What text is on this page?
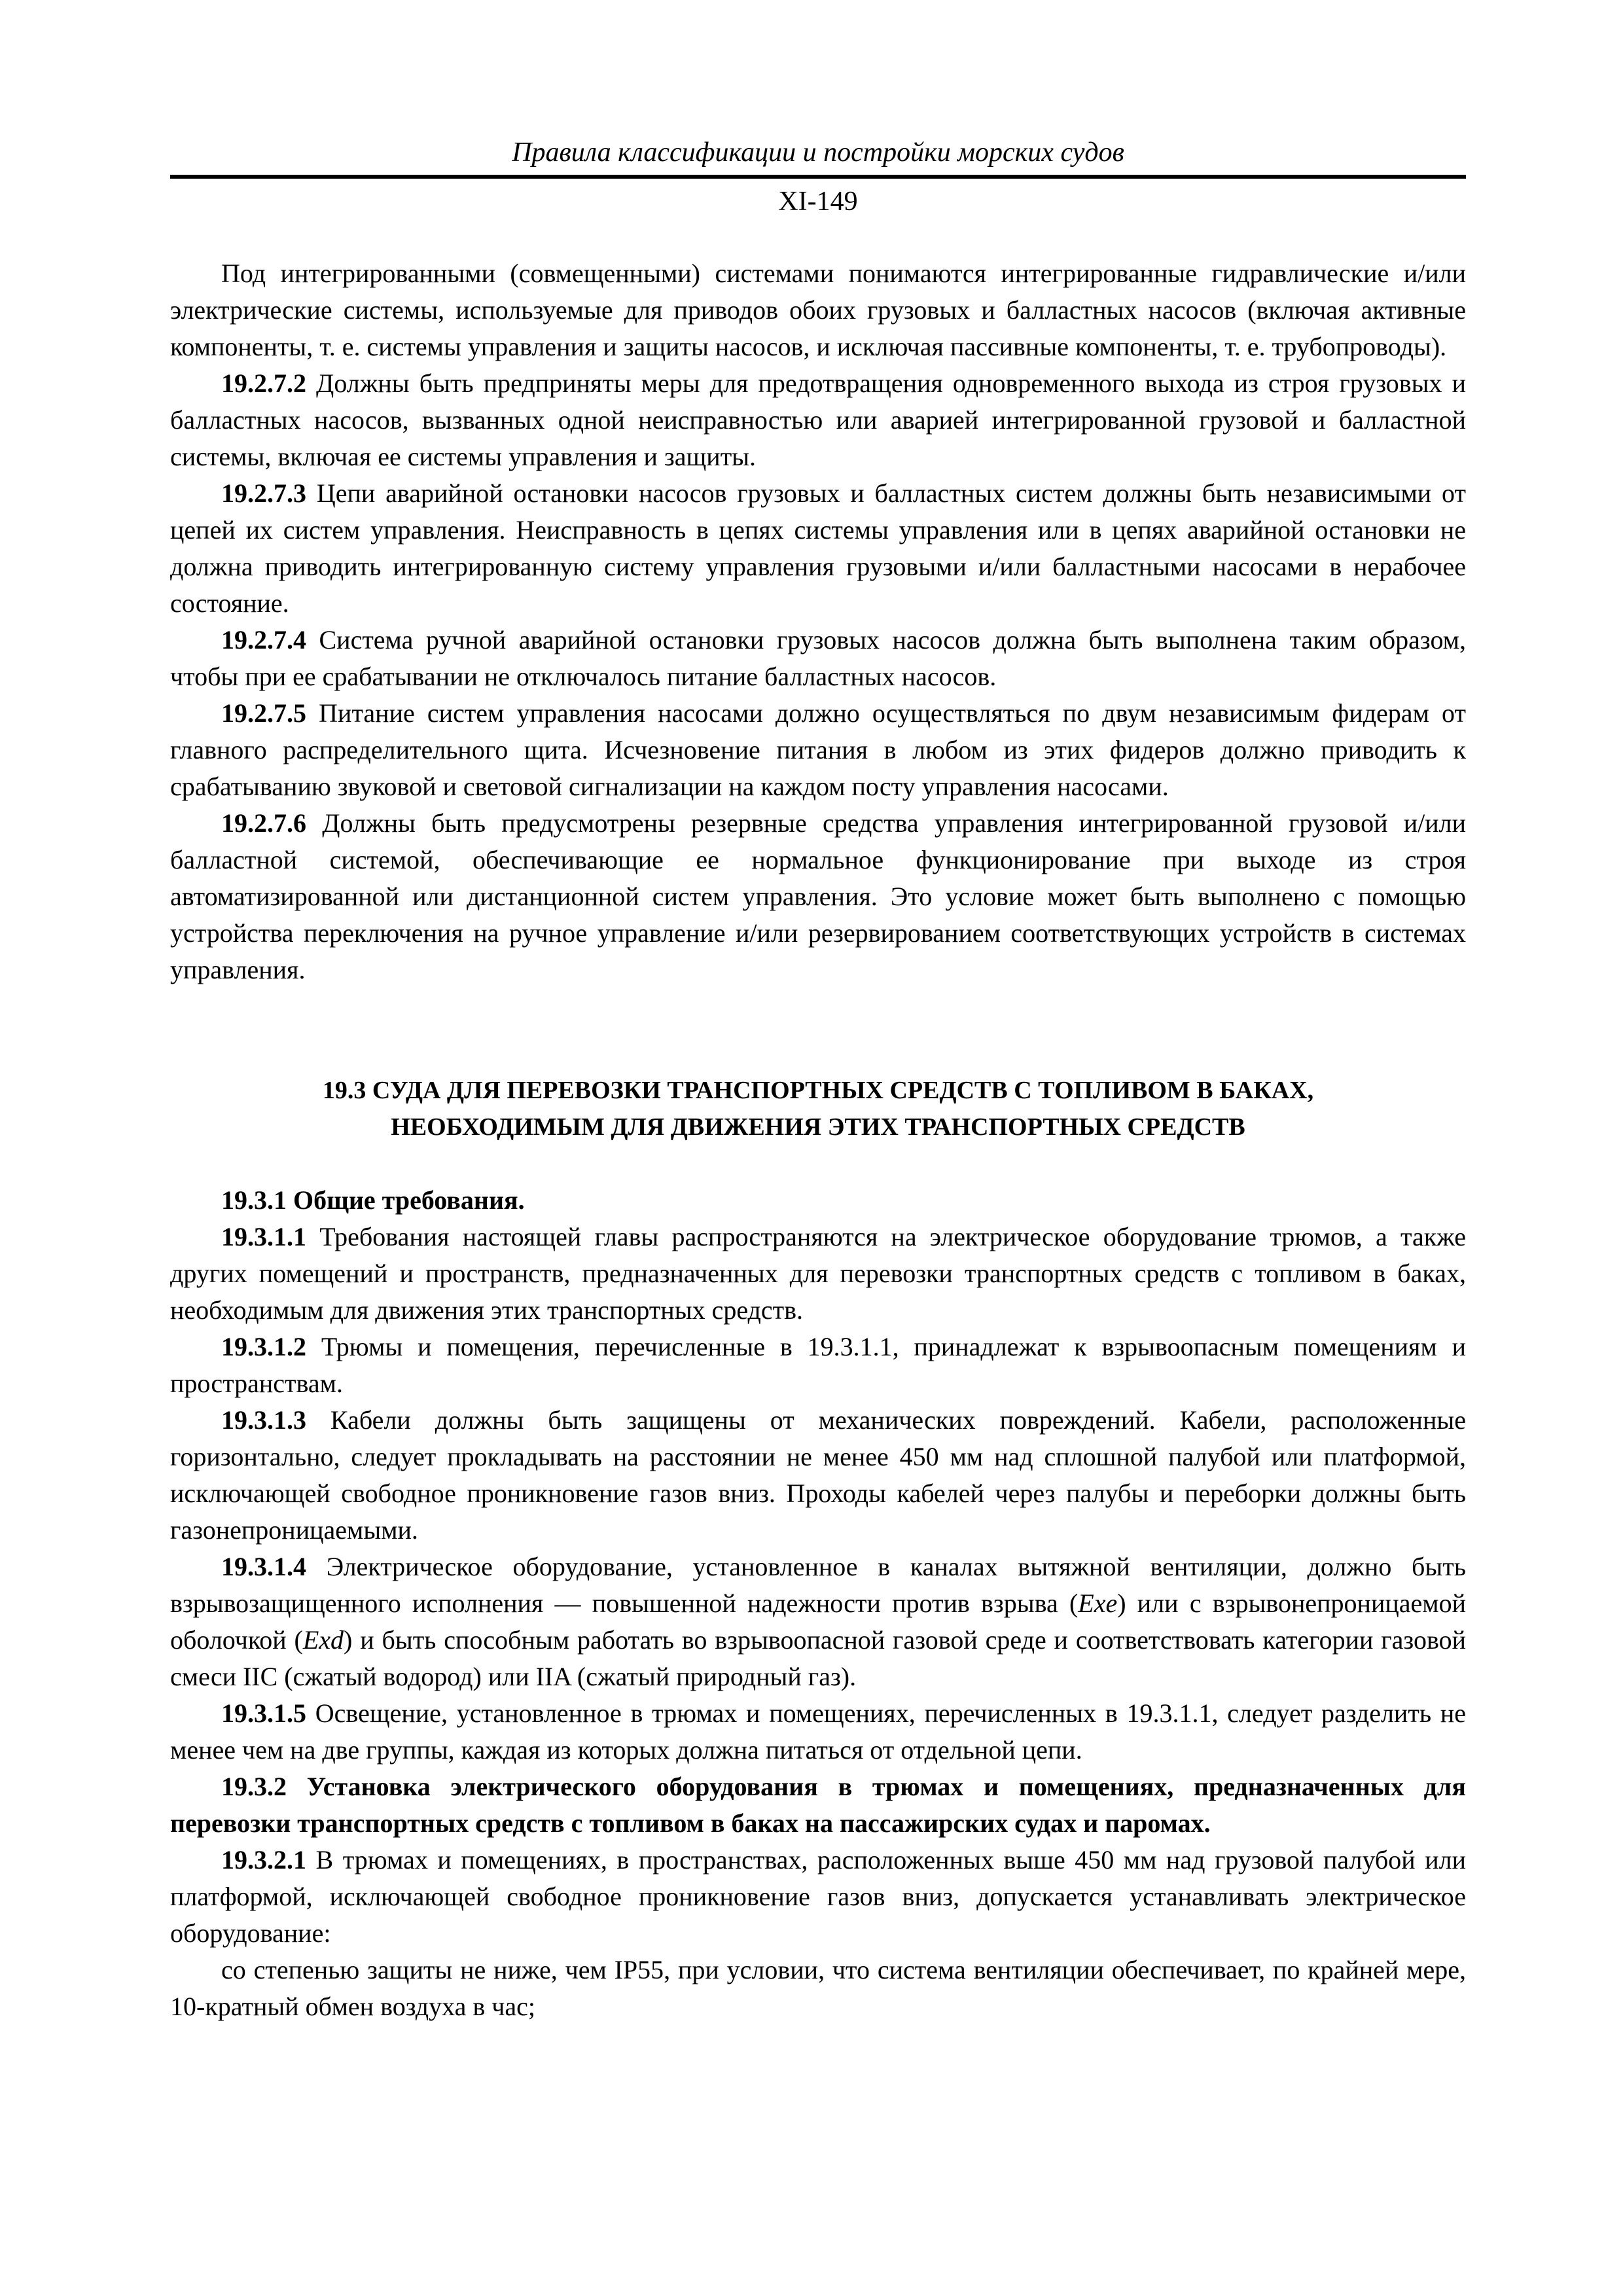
Правила классификации и постройки морских судов
XI-149

Под интегрированными (совмещенными) системами понимаются интегрированные гидравлические и/или электрические системы, используемые для приводов обоих грузовых и балластных насосов (включая активные компоненты, т. е. системы управления и защиты насосов, и исключая пассивные компоненты, т. е. трубопроводы).

19.2.7.2 Должны быть предприняты меры для предотвращения одновременного выхода из строя грузовых и балластных насосов, вызванных одной неисправностью или аварией интегрированной грузовой и балластной системы, включая ее системы управления и защиты.

19.2.7.3 Цепи аварийной остановки насосов грузовых и балластных систем должны быть независимыми от цепей их систем управления. Неисправность в цепях системы управления или в цепях аварийной остановки не должна приводить интегрированную систему управления грузовыми и/или балластными насосами в нерабочее состояние.

19.2.7.4 Система ручной аварийной остановки грузовых насосов должна быть выполнена таким образом, чтобы при ее срабатывании не отключалось питание балластных насосов.

19.2.7.5 Питание систем управления насосами должно осуществляться по двум независимым фидерам от главного распределительного щита. Исчезновение питания в любом из этих фидеров должно приводить к срабатыванию звуковой и световой сигнализации на каждом посту управления насосами.

19.2.7.6 Должны быть предусмотрены резервные средства управления интегрированной грузовой и/или балластной системой, обеспечивающие ее нормальное функционирование при выходе из строя автоматизированной или дистанционной систем управления. Это условие может быть выполнено с помощью устройства переключения на ручное управление и/или резервированием соответствующих устройств в системах управления.

19.3 СУДА ДЛЯ ПЕРЕВОЗКИ ТРАНСПОРТНЫХ СРЕДСТВ С ТОПЛИВОМ В БАКАХ,
НЕОБХОДИМЫМ ДЛЯ ДВИЖЕНИЯ ЭТИХ ТРАНСПОРТНЫХ СРЕДСТВ

19.3.1 Общие требования.

19.3.1.1 Требования настоящей главы распространяются на электрическое оборудование трюмов, а также других помещений и пространств, предназначенных для перевозки транспортных средств с топливом в баках, необходимым для движения этих транспортных средств.

19.3.1.2 Трюмы и помещения, перечисленные в 19.3.1.1, принадлежат к взрывоопасным помещениям и пространствам.

19.3.1.3 Кабели должны быть защищены от механических повреждений. Кабели, расположенные горизонтально, следует прокладывать на расстоянии не менее 450 мм над сплошной палубой или платформой, исключающей свободное проникновение газов вниз. Проходы кабелей через палубы и переборки должны быть газонепроницаемыми.

19.3.1.4 Электрическое оборудование, установленное в каналах вытяжной вентиляции, должно быть взрывозащищенного исполнения — повышенной надежности против взрыва (Exe) или с взрывонепроницаемой оболочкой (Exd) и быть способным работать во взрывоопасной газовой среде и соответствовать категории газовой смеси IIC (сжатый водород) или IIA (сжатый природный газ).

19.3.1.5 Освещение, установленное в трюмах и помещениях, перечисленных в 19.3.1.1, следует разделить не менее чем на две группы, каждая из которых должна питаться от отдельной цепи.

19.3.2 Установка электрического оборудования в трюмах и помещениях, предназначенных для перевозки транспортных средств с топливом в баках на пассажирских судах и паромах.

19.3.2.1 В трюмах и помещениях, в пространствах, расположенных выше 450 мм над грузовой палубой или платформой, исключающей свободное проникновение газов вниз, допускается устанавливать электрическое оборудование:

со степенью защиты не ниже, чем IP55, при условии, что система вентиляции обеспечивает, по крайней мере, 10-кратный обмен воздуха в час;
